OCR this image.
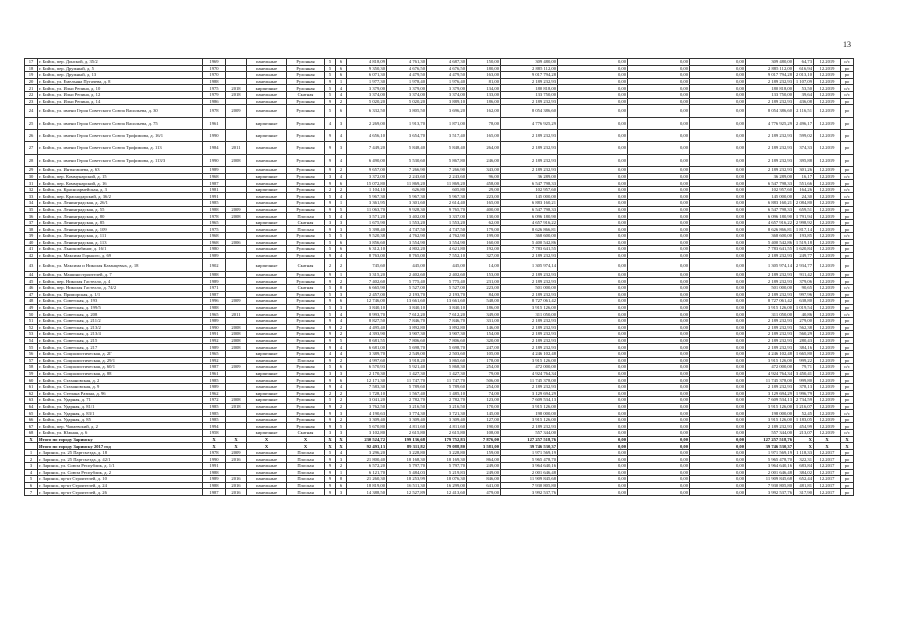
13
17	г. Бийск, пер. Донской, д. 35/2	1969		панельные	Рулонная	5	6	4 818,09	4 761,30	4 687,30	150,00	309 480,00	0,00	0,00	0,00	309 480,00	64,73	12.2019	о/с
18	г. Бийск, пер. Дружный, д. 5	1970		панельные	Рулонная	5	6	9 350,30	4 676,50	4 676,50	180,00	2 885 112,00	0,00	0,00	0,00	2 885 112,00	616,94	12.2019	ро
19	г. Бийск, пер. Дружный, д. 13	1970		панельные	Рулонная	5	6	6 071,30	4 479,50	4 479,50	163,00	9 017 794,28	0,00	0,00	0,00	9 017 794,28	2 013,10	12.2019	ро
20	г. Бийск, ул. Емельяна Пугачева, д. 8	1988		панельные	Рулонная	9	1	1 977,30	1 978,40	1 976,40	81,00	2 189 232,93	0,00	0,00	0,00	2 189 232,93	1 107,09	12.2019	ро
21	г. Бийск, ул. Ильи Репина, д. 10	1975	2018	кирпичные	Рулонная	5	4	3 379,00	3 379,00	3 379,00	134,00	180 818,00	0,00	0,00	0,00	180 818,00	53,50	12.2019	о/с
22	г. Бийск, ул. Ильи Репина, д. 12	1979	2018	панельные	Скатная	5	4	3 374,00	3 374,00	3 374,00	133,00	133 750,00	0,00	0,00	0,00	133 750,00	39,64	12.2019	о/с
23	г. Бийск, ул. Ильи Репина, д. 14	1986		панельные	Рулонная	9	2	5 020,20	5 020,20	3 889,10	186,00	2 189 232,93	0,00	0,00	0,00	2 189 232,93	436,08	12.2019	ро
24	г. Бийск, ул. имени Героя Советского Союза Васильева, д. 30	1978	2009	панельные	Рулонная	5	6	6 332,50	3 805,50	3 696,20	162,00	8 054 386,60	0,00	0,00	0,00	8 054 386,60	2 116,51	12.2019	ро
25	г. Бийск, ул. имени Героя Советского Союза Васильева, д. 75	1961		кирпичные	Рулонная	4	3	2 269,00	1 913,70	1 871,00	78,00	4 776 925,29	0,00	0,00	0,00	4 776 925,29	2 496,17	12.2019	ро
26	г. Бийск, ул. имени Героя Советского Союза Трофимова, д. 16/1	1990		кирпичные	Рулонная	9	4	4 656,10	3 654,70	3 517,40	165,00	2 189 232,93	0,00	0,00	0,00	2 189 232,93	599,02	12.2019	ро
27	г. Бийск, ул. имени Героя Советского Союза Трофимова, д. 113	1984	2011	панельные	Рулонная	9	3	7 449,20	5 848,40	5 848,40	264,00	2 189 232,93	0,00	0,00	0,00	2 189 232,93	374,33	12.2019	ро
28	г. Бийск, ул. имени Героя Советского Союза Трофимова, д. 113/3	1990	2008	панельные	Рулонная	9	4	6 490,00	5 530,60	5 867,80	246,00	2 189 232,93	0,00	0,00	0,00	2 189 232,93	395,88	12.2019	ро
29	г. Бийск, ул. Интыгашева, д. 63	1989		панельные	Рулонная	9	2	9 657,00	7 266,90	7 266,90	343,00	2 189 232,93	0,00	0,00	0,00	2 189 232,93	301,26	12.2019	ро
30	г. Бийск, пер. Коммунарский, д. 15	1968		кирпичные	Рулонная	3	4	3 372,00	2 243,60	2 243,60	96,00	36 289,00	0,00	0,00	0,00	36 289,00	16,17	12.2019	о/с
31	г. Бийск, пер. Коммунарский, д. 16	1987		панельные	Рулонная	9	6	15 072,80	11 869,20	11 869,20	458,00	6 547 798,33	0,00	0,00	0,00	6 547 798,33	551,66	12.2019	ро
32	г. Бийск, ул. Красноармейская, д. 3	1981		кирпичные	Рулонная	2	2	1 104,10	626,80	605,80	29,00	102 957,60	0,00	0,00	0,00	102 957,60	164,26	12.2019	о/с
33	г. Бийск, пер. Краснодарский, д. 36/2	1991		панельные	Рулонная	5	4	5 967,30	5 967,30	5 967,30	223,00	145 000,00	0,00	0,00	0,00	145 000,00	24,30	12.2019	о/с
34	г. Бийск, ул. Ленинградская, д. 26/1	1985		панельные	Рулонная	9	1	3 361,95	3 301,60	2 614,40	165,00	6 883 160,21	0,00	0,00	0,00	6 883 160,21	2 084,80	12.2019	ро
35	г. Бийск, ул. Ленинградская, д. 55	1988	2009	панельные	Рулонная	9	5	11 063,70	9 928,30	9 765,70	400,00	6 547 798,33	0,00	0,00	0,00	6 547 798,33	659,51	12.2019	ро
36	г. Бийск, ул. Ленинградская, д. 80	1978	2008	панельные	Плоская	5	4	3 571,20	3 402,00	3 337,00	130,00	6 096 180,90	0,00	0,00	0,00	6 096 180,90	1 791,94	12.2019	ро
37	г. Бийск, ул. Ленинградская, д. 85	1965		кирпичные	Скатная	3	3	1 675,90	1 553,20	1 553,20	62,00	4 657 916,22	0,00	0,00	0,00	4 657 916,22	2 998,92	12.2019	ро
38	г. Бийск, ул. Ленинградская, д. 109	1975		панельные	Плоская	9	3	5 398,40	4 747,50	4 747,50	179,00	8 626 866,81	0,00	0,00	0,00	8 626 866,81	1 817,14	12.2019	ро
39	г. Бийск, ул. Ленинградская, д. 111	1968		панельные	Рулонная	5	5	9 520,38	4 762,90	4 762,90	199,00	368 600,00	0,00	0,00	0,00	368 600,00	193,85	12.2019	о/с
40	г. Бийск, ул. Ленинградская, д. 113	1968	2006	панельные	Рулонная	5	6	3 856,60	3 554,90	3 554,90	160,00	5 400 542,86	0,00	0,00	0,00	5 400 542,86	1 519,18	12.2019	ро
41	г. Бийск, ул. Льнокомбинат, д. 16/1	1980		панельные	Рулонная	5	6	6 312,10	4 802,20	4 621,80	192,00	7 783 641,55	0,00	0,00	0,00	7 783 641,55	1 620,84	12.2019	ро
42	г. Бийск, ул. Максима Горького, д. 69	1989		панельные	Рулонная	9	4	8 763,00	8 765,00	7 552,10	327,00	2 189 232,93	0,00	0,00	0,00	2 189 232,93	249,77	12.2019	ро
43	г. Бийск, ул. Максима и Николая Казанцевых, д. 18	1902		кирпичные	Скатная	2	2	745,60	445,00	445,00	14,00	1 305 974,14	0,00	0,00	0,00	1 305 974,14	2 934,77	12.2019	ро
44	г. Бийск, ул. Машиностроителей, д. 7	1988		панельные	Рулонная	9	1	3 315,20	2 402,60	2 402,60	153,00	2 189 232,93	0,00	0,00	0,00	2 189 232,93	911,42	12.2019	ро
45	г. Бийск, пер. Николая Гастелло, д. 4	1989		панельные	Рулонная	9	2	7 402,60	5 775,40	5 775,40	231,00	2 189 232,93	0,00	0,00	0,00	2 189 232,93	379,06	12.2019	ро
46	г. Бийск, пер. Николая Гастелло, д. 74/2	1971		панельные	Скатная	5	8	6 665,90	5 527,00	5 527,00	223,00	501 000,00	0,00	0,00	0,00	501 000,00	90,65	12.2019	о/с
47	г. Бийск, ул. Приморская, д. 1/1	1987		панельные	Рулонная	5	3	2 457,00	2 193,70	2 193,70	84,00	2 189 232,93	0,00	0,00	0,00	2 189 232,93	997,96	12.2019	ро
48	г. Бийск, ул. Советская, д. 193	1996	2009	панельные	Рулонная	9	6	12 746,00	13 661,60	13 661,60	548,00	8 727 061,42	0,00	0,00	0,00	8 727 061,42	638,80	12.2019	ро
49	г. Бийск, ул. Советская, д. 199/5	1988		панельные	Рулонная	5	3	3 840,10	3 840,10	3 840,10	186,00	3 915 126,00	0,00	0,00	0,00	3 915 126,00	1 019,54	12.2019	ро
50	г. Бийск, ул. Советская, д. 208	1965	2011	панельные	Рулонная	5	4	8 993,70	7 612,20	7 612,20	349,00	311 050,00	0,00	0,00	0,00	311 050,00	40,86	12.2019	о/с
51	г. Бийск, ул. Советская, д. 211/2	1989		панельные	Рулонная	9	4	8 827,50	7 846,70	7 846,70	331,00	2 189 232,93	0,00	0,00	0,00	2 189 232,93	279,00	12.2019	ро
52	г. Бийск, ул. Советская, д. 213/2	1990	2008	панельные	Рулонная	9	2	4 495,40	3 892,80	3 892,80	146,00	2 189 232,93	0,00	0,00	0,00	2 189 232,93	562,38	12.2019	ро
53	г. Бийск, ул. Советская, д. 213/4	1991	2008	панельные	Рулонная	9	2	4 393,90	3 907,30	3 907,30	154,00	2 189 232,93	0,00	0,00	0,00	2 189 232,93	560,29	12.2019	ро
54	г. Бийск, ул. Советская, д. 215	1992	2008	панельные	Рулонная	9	5	8 681,55	7 806,60	7 806,60	320,00	2 189 232,93	0,00	0,00	0,00	2 189 232,93	280,43	12.2019	ро
55	г. Бийск, ул. Советская, д. 217	1989	2008	панельные	Рулонная	9	4	6 681,00	5 698,70	5 698,70	247,00	2 189 232,93	0,00	0,00	0,00	2 189 232,93	384,16	12.2019	ро
56	г. Бийск, ул. Социалистическая, д. 2Г	1965		кирпичные	Рулонная	4	4	3 389,70	2 549,00	2 503,60	105,00	4 246 102,48	0,00	0,00	0,00	4 246 102,48	1 665,80	12.2019	ро
57	г. Бийск, ул. Социалистическая, д. 29/1	1992		панельные	Плоская	9	2	4 997,60	3 918,20	3 865,60	178,00	3 915 126,00	0,00	0,00	0,00	3 915 126,00	999,22	12.2019	ро
58	г. Бийск, ул. Социалистическая, д. 60/1	1987	2009	панельные	Рулонная	5	6	6 570,93	5 921,40	5 868,30	254,00	472 000,00	0,00	0,00	0,00	472 000,00	79,71	12.2019	о/с
59	г. Бийск, ул. Социалистическая, д. 88	1961		кирпичные	Рулонная	3	3	2 170,30	1 427,30	1 427,30	79,00	4 924 764,34	0,00	0,00	0,00	4 924 764,34	3 450,41	12.2019	ро
60	г. Бийск, ул. Стахановская, д. 2	1985		панельные	Рулонная	9	6	12 171,30	11 747,70	11 747,70	506,00	11 745 378,00	0,00	0,00	0,00	11 745 378,00	999,80	12.2019	ро
61	г. Бийск, ул. Стахановская, д. 9	1989		панельные	Рулонная	9	4	7 583,30	5 789,60	5 789,60	254,00	2 189 232,93	0,00	0,00	0,00	2 189 232,93	378,13	12.2019	ро
62	г. Бийск, ул. Степана Разина, д. 96	1962		кирпичные	Рулонная	2	2	1 728,10	1 567,40	1 485,10	74,00	3 129 694,29	0,00	0,00	0,00	3 129 694,29	1 996,79	12.2019	ро
63	г. Бийск, ул. Ударная, д. 71	1972	2008	кирпичные	Рулонная	5	2	3 041,20	2 782,70	2 782,70	123,00	7 609 534,13	0,00	0,00	0,00	7 609 534,13	2 734,59	12.2019	ро
64	г. Бийск, ул. Ударная, д. 81/1	1985	2018	панельные	Рулонная	9	2	3 762,50	3 216,50	3 216,50	170,00	3 915 126,00	0,00	0,00	0,00	3 915 126,00	1 216,07	12.2019	ро
65	г. Бийск, ул. Ударная, д. 83/1	1985		панельные	Рулонная	9	3	4 190,63	3 774,30	3 721,30	145,00	198 000,00	0,00	0,00	0,00	198 000,00	52,45	12.2019	о/с
66	г. Бийск, ул. Ударная, д. 85	1985		панельные	Рулонная	9	2	3 309,40	3 309,40	3 309,40	127,00	3 915 126,00	0,00	0,00	0,00	3 915 126,00	1 183,05	12.2019	ро
67	г. Бийск, пер. Чапаевский, д. 2	1994		панельные	Рулонная	9	5	5 670,80	4 811,60	4 811,60	190,00	2 189 232,93	0,00	0,00	0,00	2 189 232,93	454,99	12.2019	ро
68	г. Бийск, ул. Южная, д. 6	1958		кирпичные	Скатная	3	3	3 102,80	2 615,80	2 615,80	108,00	557 344,00	0,00	0,00	0,00	557 344,00	213,07	12.2019	о/с
Х	Итого по городу Заринску	Х	Х	Х	Х	Х	Х	230 524,72	199 136,68	179 752,83	7 876,00	127 257 518,76	0,00	0,00	0,00	127 257 518,76	Х	Х	Х
	Итого по городу Заринску 2017 год	Х	Х	Х	Х	Х	Х	92 493,13	89 311,82	79 088,80	3 581,00	39 746 530,37	0,00	0,00	0,00	39 746 530,37	Х	Х	Х
1	г. Заринск, ул. 25 Партсъезда, д. 18	1978	2009	панельные	Плоская	5	4	3 296,20	3 228,80	3 228,80	159,00	1 971 569,19	0,00	0,00	0,00	1 971 569,19	1 118,33	12.2017	ро
2	г. Заринск, ул. 25 Партсъезда, д. 42/1	1990	2016	панельные	Плоская	9	3	21 800,40	18 168,30	18 169,30	864,00	5 965 478,70	0,00	0,00	0,00	5 965 478,70	322,31	12.2017	ро
3	г. Заринск, ул. Союза Республик, д. 1/1	1991		панельные	Плоская	9	2	6 572,20	5 797,70	5 797,70	249,00	3 964 640,16	0,00	0,00	0,00	3 964 640,16	683,84	12.2017	ро
4	г. Заринск, ул. Союза Республик, д. 2	1988		панельные	Плоская	9	1	6 121,70	5 484,03	5 219,83	249,00	2 001 646,48	0,00	0,00	0,00	2 001 646,48	384,02	12.2017	ро
5	г. Заринск, пр-кт Строителей, д. 10	1989	2016	панельные	Плоская	9	8	21 260,30	18 253,99	18 076,30	846,00	11 909 845,68	0,00	0,00	0,00	11 909 845,68	652,44	12.2017	ро
6	г. Заринск, пр-кт Строителей, д. 24	1988	2016	панельные	Плоская	9	6	18 819,00	16 511,30	16 299,00	641,00	7 930 805,80	0,00	0,00	0,00	7 930 805,80	481,81	12.2017	ро
7	г. Заринск, пр-кт Строителей, д. 26	1987	2016	панельные	Плоская	9	3	14 388,50	12 527,89	12 413,60	479,00	3 992 537,76	0,00	0,00	0,00	3 992 537,76	317,90	12.2017	ро
